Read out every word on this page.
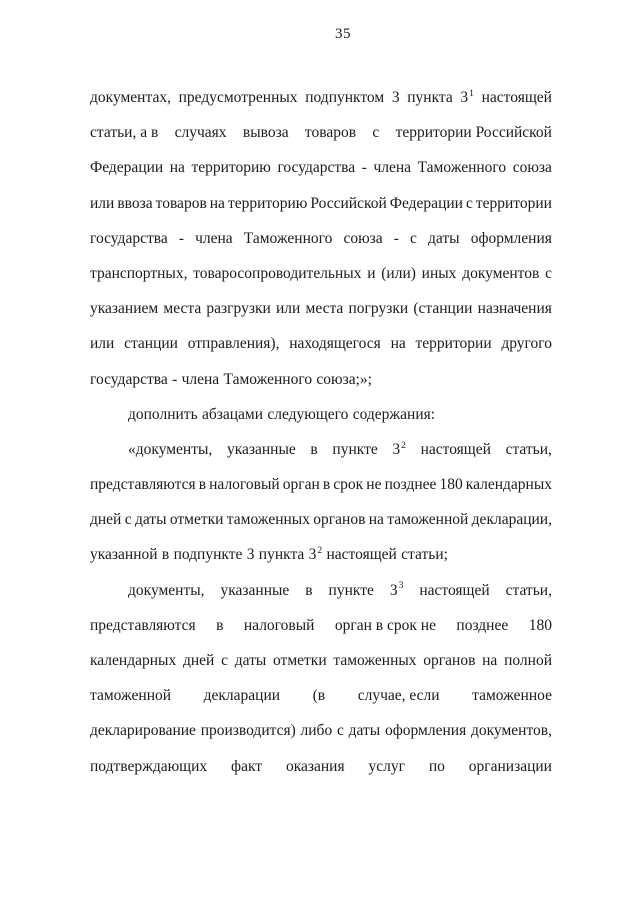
35
документах, предусмотренных подпунктом 3 пункта $3^1$ настоящей
статьи, а в случаях вывоза товаров с территории Российской
Федерации на территорию государства - члена Таможенного союза
или ввоза товаров на территорию Российской Федерации с территории
государства - члена Таможенного союза - с даты оформления
транспортных, товаросопроводительных и (или) иных документов с
указанием места разгрузки или места погрузки (станции назначения
или станции отправления), находящегося на территории другого
государства - члена Таможенного союза;»;
дополнить абзацами следующего содержания:
«документы, указанные в пункте $3^2$ настоящей статьи,
представляются в налоговый орган в срок не позднее 180 календарных
дней с даты отметки таможенных органов на таможенной декларации,
указанной в подпункте 3 пункта $3^2$ настоящей статьи;
документы, указанные в пункте $3^3$ настоящей статьи,
представляются в налоговый орган в срок не позднее 180
календарных дней с даты отметки таможенных органов на полной
таможенной декларации (в случае, если таможенное
декларирование производится) либо с даты оформления документов,
подтверждающих факт оказания услуг по организации
